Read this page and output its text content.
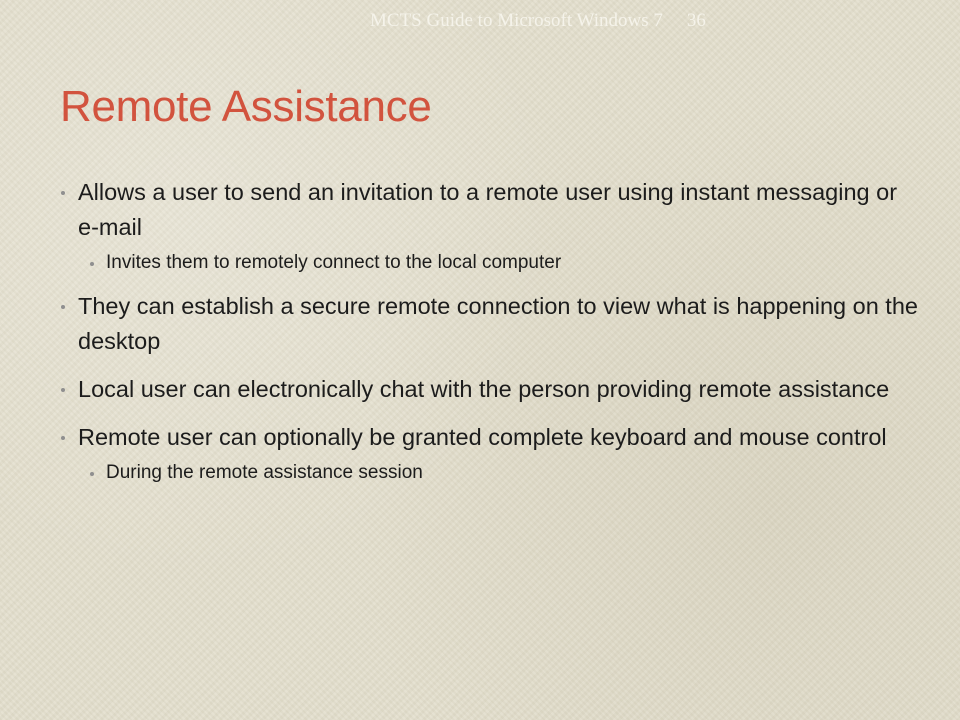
MCTS Guide to Microsoft Windows 7 36
Remote Assistance
Allows a user to send an invitation to a remote user using instant messaging or e-mail
Invites them to remotely connect to the local computer
They can establish a secure remote connection to view what is happening on the desktop
Local user can electronically chat with the person providing remote assistance
Remote user can optionally be granted complete keyboard and mouse control
During the remote assistance session
